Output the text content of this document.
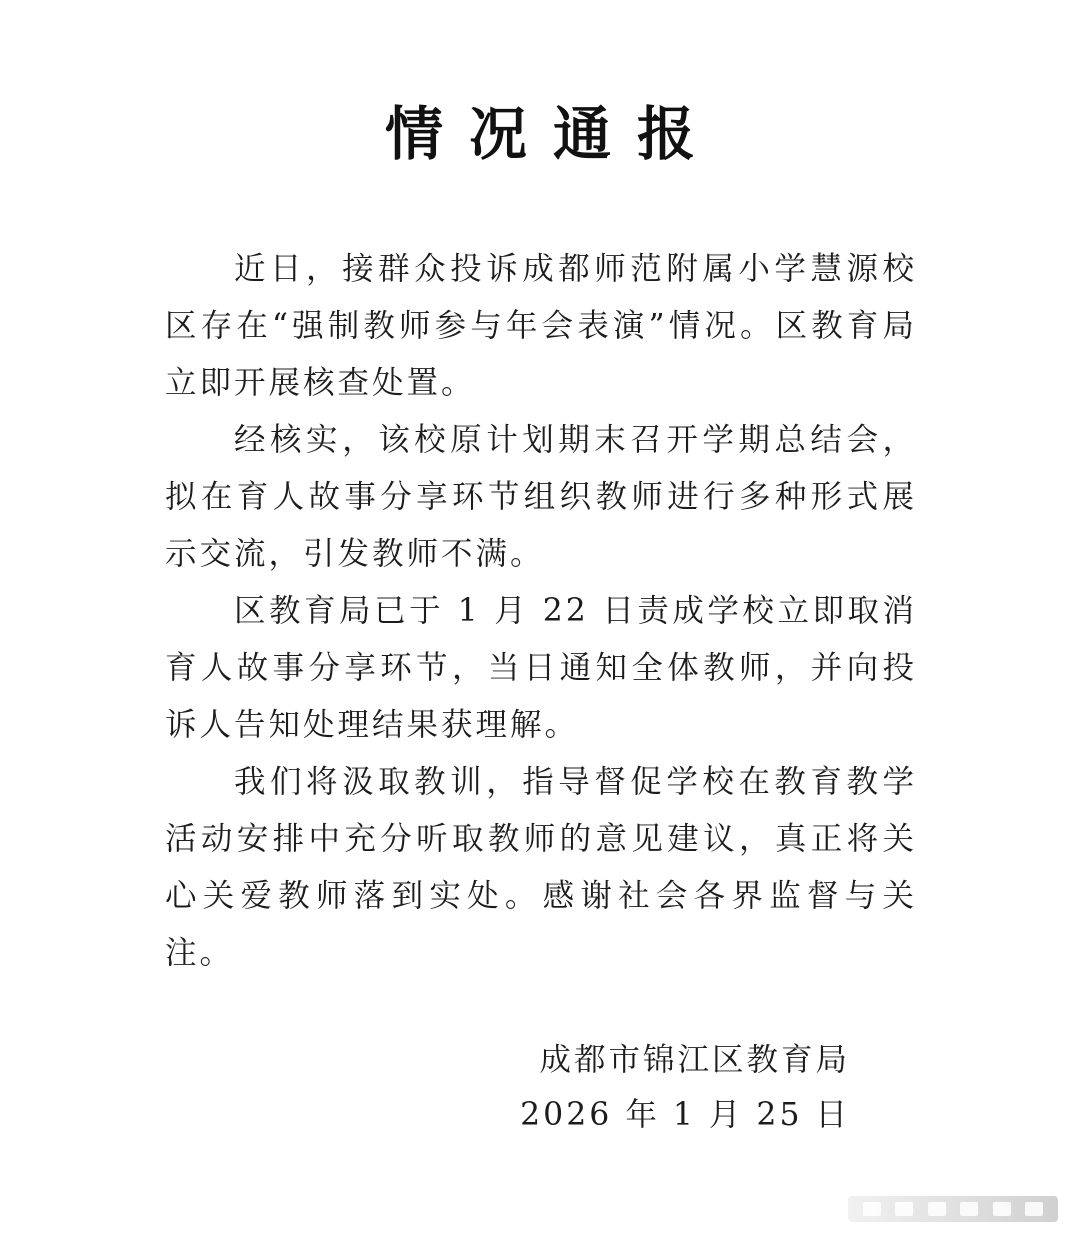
情况通报

近日，接群众投诉成都师范附属小学慧源校区存在“强制教师参与年会表演”情况。区教育局立即开展核查处置。

经核实，该校原计划期末召开学期总结会，拟在育人故事分享环节组织教师进行多种形式展示交流，引发教师不满。

区教育局已于 1 月 22 日责成学校立即取消育人故事分享环节，当日通知全体教师，并向投诉人告知处理结果获理解。

我们将汲取教训，指导督促学校在教育教学活动安排中充分听取教师的意见建议，真正将关心关爱教师落到实处。感谢社会各界监督与关注。

成都市锦江区教育局
2026 年 1 月 25 日
